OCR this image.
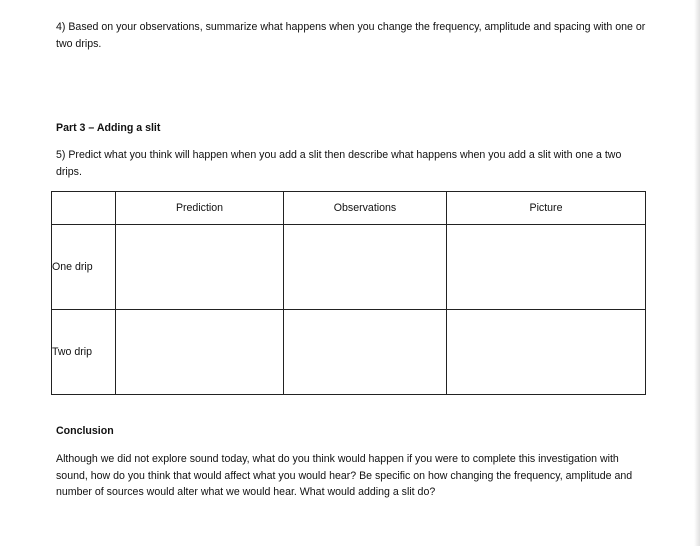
4) Based on your observations, summarize what happens when you change the frequency, amplitude and spacing with one or two drips.
Part 3 – Adding a slit
5) Predict what you think will happen when you add a slit then describe what happens when you add a slit with one a two drips.
	Prediction	Observations	Picture
One drip			
Two drip			
Conclusion
Although we did not explore sound today, what do you think would happen if you were to complete this investigation with sound, how do you think that would affect what you would hear? Be specific on how changing the frequency, amplitude and number of sources would alter what we would hear. What would adding a slit do?
